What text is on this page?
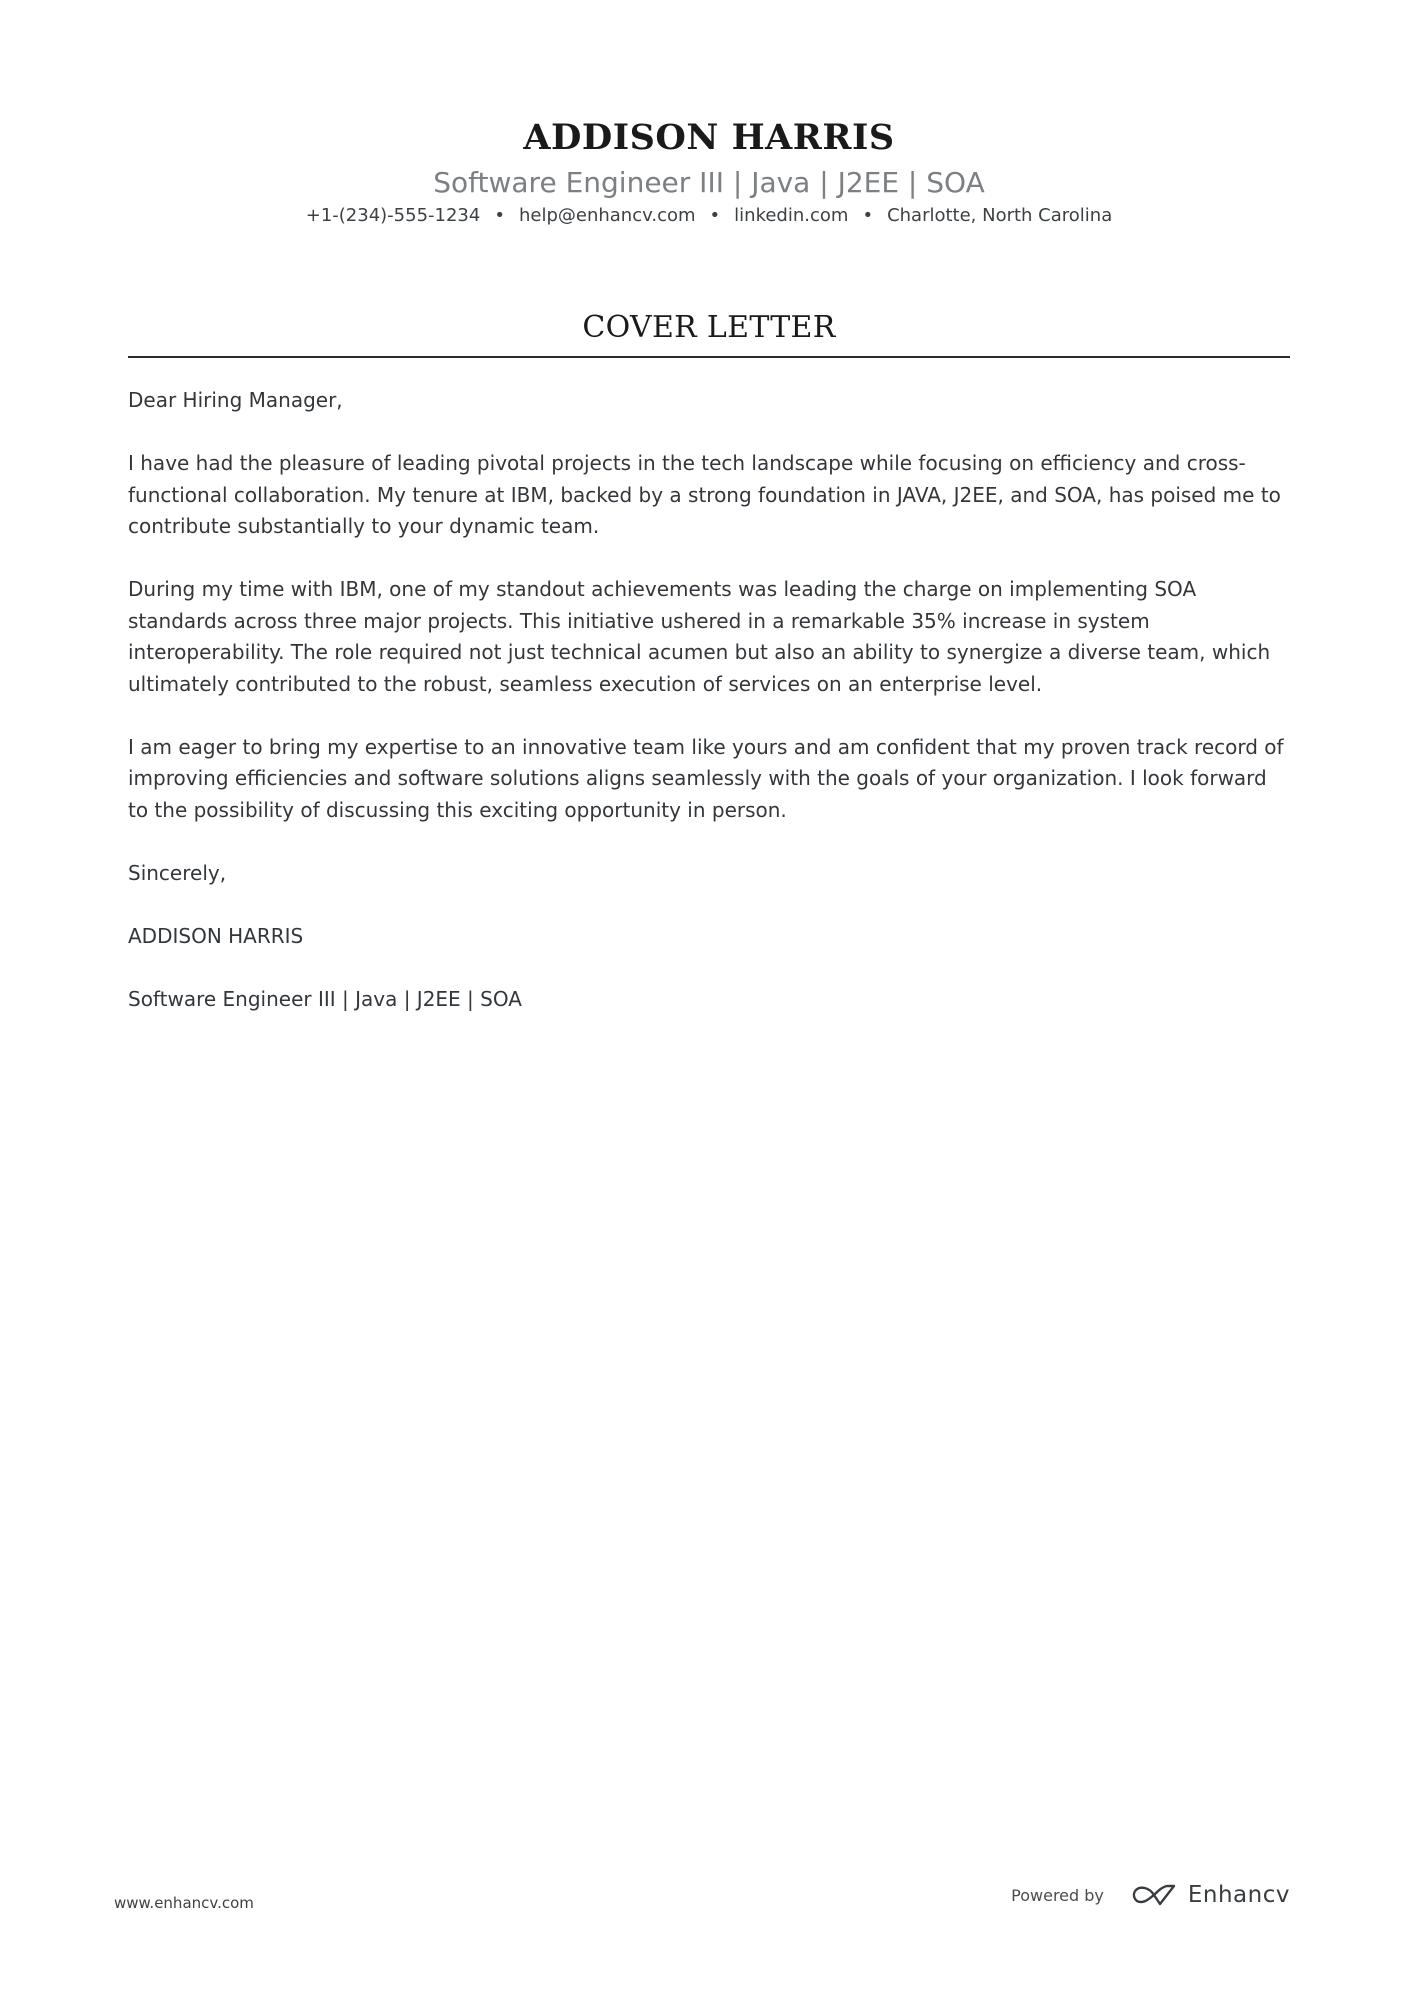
ADDISON HARRIS
Software Engineer III | Java | J2EE | SOA
+1-(234)-555-1234 • help@enhancv.com • linkedin.com • Charlotte, North Carolina
COVER LETTER

Dear Hiring Manager,

I have had the pleasure of leading pivotal projects in the tech landscape while focusing on efficiency and cross-functional collaboration. My tenure at IBM, backed by a strong foundation in JAVA, J2EE, and SOA, has poised me to contribute substantially to your dynamic team.

During my time with IBM, one of my standout achievements was leading the charge on implementing SOA standards across three major projects. This initiative ushered in a remarkable 35% increase in system interoperability. The role required not just technical acumen but also an ability to synergize a diverse team, which ultimately contributed to the robust, seamless execution of services on an enterprise level.

I am eager to bring my expertise to an innovative team like yours and am confident that my proven track record of improving efficiencies and software solutions aligns seamlessly with the goals of your organization. I look forward to the possibility of discussing this exciting opportunity in person.

Sincerely,

ADDISON HARRIS

Software Engineer III | Java | J2EE | SOA

www.enhancv.com	Powered by	Enhancv
